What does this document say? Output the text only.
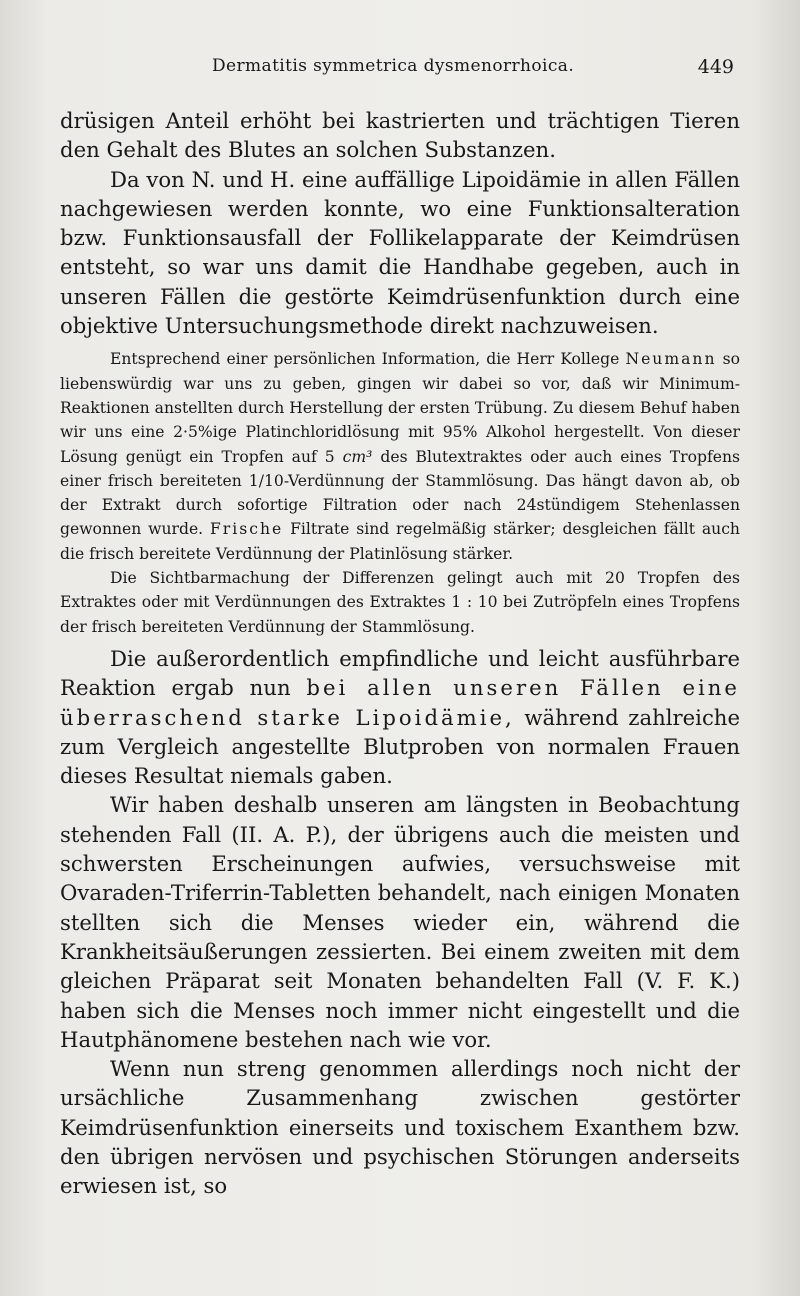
Dermatitis symmetrica dysmenorrhoica.	449

drüsigen Anteil erhöht bei kastrierten und trächtigen Tieren den Gehalt des Blutes an solchen Substanzen.

Da von N. und H. eine auffällige Lipoidämie in allen Fällen nachgewiesen werden konnte, wo eine Funktionsalteration bzw. Funktionsausfall der Follikelapparate der Keimdrüsen entsteht, so war uns damit die Handhabe gegeben, auch in unseren Fällen die gestörte Keimdrüsenfunktion durch eine objektive Untersuchungsmethode direkt nachzuweisen.

Entsprechend einer persönlichen Information, die Herr Kollege Neumann so liebenswürdig war uns zu geben, gingen wir dabei so vor, daß wir Minimum-Reaktionen anstellten durch Herstellung der ersten Trübung. Zu diesem Behuf haben wir uns eine 2·5%ige Platinchloridlösung mit 95% Alkohol hergestellt. Von dieser Lösung genügt ein Tropfen auf 5 cm³ des Blutextraktes oder auch eines Tropfens einer frisch bereiteten 1/10-Verdünnung der Stammlösung. Das hängt davon ab, ob der Extrakt durch sofortige Filtration oder nach 24stündigem Stehenlassen gewonnen wurde. Frische Filtrate sind regelmäßig stärker; desgleichen fällt auch die frisch bereitete Verdünnung der Platinlösung stärker.

Die Sichtbarmachung der Differenzen gelingt auch mit 20 Tropfen des Extraktes oder mit Verdünnungen des Extraktes 1 : 10 bei Zutröpfeln eines Tropfens der frisch bereiteten Verdünnung der Stammlösung.

Die außerordentlich empfindliche und leicht ausführbare Reaktion ergab nun bei allen unseren Fällen eine überraschend starke Lipoidämie, während zahlreiche zum Vergleich angestellte Blutproben von normalen Frauen dieses Resultat niemals gaben.

Wir haben deshalb unseren am längsten in Beobachtung stehenden Fall (II. A. P.), der übrigens auch die meisten und schwersten Erscheinungen aufwies, versuchsweise mit Ovaraden-Triferrin-Tabletten behandelt, nach einigen Monaten stellten sich die Menses wieder ein, während die Krankheitsäußerungen zessierten. Bei einem zweiten mit dem gleichen Präparat seit Monaten behandelten Fall (V. F. K.) haben sich die Menses noch immer nicht eingestellt und die Hautphänomene bestehen nach wie vor.

Wenn nun streng genommen allerdings noch nicht der ursächliche Zusammenhang zwischen gestörter Keimdrüsenfunktion einerseits und toxischem Exanthem bzw. den übrigen nervösen und psychischen Störungen anderseits erwiesen ist, so
